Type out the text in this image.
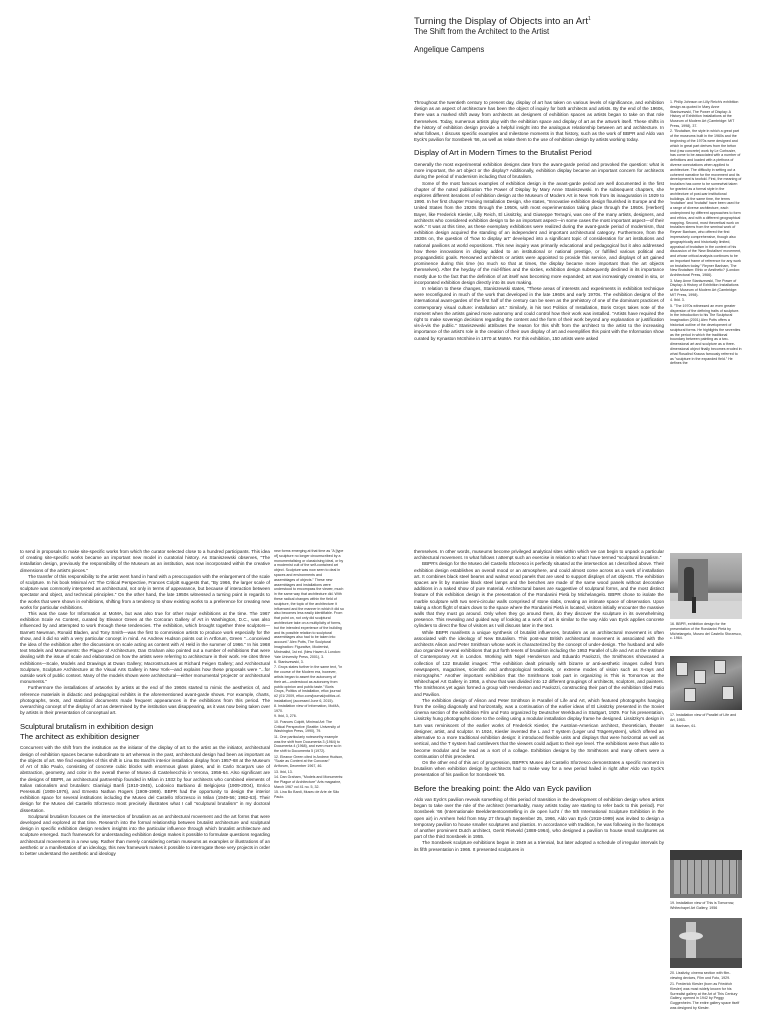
Turning the Display of Objects into an Art$^1$
The Shift from the Architect to the Artist
Angelique Campens

Throughout the twentieth century to present day, display of art has taken on various levels of significance, and exhibition design as an aspect of architecture has been the object of inquiry for both architects and artists. By the end of the 1960s, there was a marked shift away from architects as designers of exhibition spaces as artists began to take on that role themselves. Today, numerous artists play with the exhibition space and display of art as the artwork itself. These shifts in the history of exhibition design provide a helpful insight into the analogous relationship between art and architecture. In what follows, I discuss specific examples and milestone moments in that history, such as the work of BBPR and Aldo van Eyck's pavilion for Sonsbeek '66, as well as relate them to the use of exhibition design by artists working today.

Display of Art in Modern Times to the Brutalist Period

Generally the most experimental exhibition designs date from the avant-garde period and provoked the question: what is more important, the art object or the display? Additionally, exhibition display became an important concern for architects during the period of modernism including that of brutalism.

Some of the most famous examples of exhibition design in the avant-garde period are well documented in the first chapter of the noted publication The Power of Display by Mary Anne Staniszewski. In the subsequent chapters, she explores different iterations of exhibition design at the Museum of Modern Art in New York from its inauguration in 1929 to 1990. In her first chapter Framing Installation Design, she states, "Innovative exhibition design flourished in Europe and the United States from the 1920s through the 1950s, with most experimentation taking place through the 1950s. [Herbert] Bayer, like Frederick Kiesler, Lilly Reich, El Lissitzky, and Giuseppe Terragni, was one of the many artists, designers, and architects who considered exhibition design to be an important aspect—in some cases the most important aspect—of their work." It was at this time, as these exemplary exhibitions were realized during the avant-garde period of modernism, that exhibition design acquired the standing of an independent and important architectural category. Furthermore, from the 1930s on, the question of "how to display art" developed into a significant topic of consideration for art institutions and national pavilions at world expositions. This new inquiry was primarily educational and pedagogical but it also addressed how these innovations in display added to an institutional or national prestige, or fulfilled various political and propagandistic goals. Renowned architects or artists were appointed to provide this service, and displays of art gained prominence during this time (so much so that at times, the display became more important than the art objects themselves). After the heyday of the mid-fifties and the sixties, exhibition design subsequently declined in its importance mostly due to the fact that the definition of art itself was becoming more expanded; art was increasingly created in situ, or incorporated exhibition design directly into its own making.

In relation to these changes, Staniszewski states, "These areas of interests and experiments in exhibition technique were reconfigured in much of the work that developed in the late 1960s and early 1970s. The exhibition designs of the international avant-gardes of the first half of the century can be seen as the prehistory of one of the dominant practices of contemporary visual culture: installation art." Similarly, in his text Politics of Installation, Boris Groys takes note of the moment when the artists gained more autonomy and could control how their work was installed. "Artists have required the right to make sovereign decisions regarding the content and the form of their work beyond any explanation or justification vis-à-vis the public." Staniszewski attributes the reason for this shift from the architect to the artist to the increasing importance of the artist's role in the creation of their own display of art and exemplifies this point with the Information show curated by Kynaston McShine in 1970 at MoMA. For this exhibition, 150 artists were asked

1. Philip Johnson on Lilly Reich's exhibition design as quoted in Mary Anne Staniszewski, The Power of Display: A History of Exhibition Installations at the Museum of Modern Art (Cambridge: MIT Press, 1998), 37.

2. "Brutalism, the style in which a great part of the museums built in the 1960s and the beginning of the 1970s were designed and which in great part derives from the béton brut (raw concrete) work by Le Corbusier, has come to be associated with a number of definitions and loaded with a plethora of diverse connotations when applied to architecture. The difficulty in setting out a coherent narrative for the movement and its development is twofold. First, the meaning of brutalism has come to be somewhat taken for granted as a formal style in the architecture of post-war institutional buildings. At the same time, the terms 'brutalism' and 'brutalist' have been used for a range of diverse architecture, each underpinned by different approaches to form and ethics, and with a different geographical mapping. Second, most theoretical work on brutalism stems from the seminal work of Reyner Banham, who offered the first impressively comprehensive, though also geographically and historically limited, appraisal of brutalism in the context of his discussion of the 'New Brutalism' movement, and whose critical analysis continues to be an important frame of reference for any work on brutalism today." Reyner Banham, The New Brutalism: Ethic or Aesthetic? (London: Architectural Press, 1966).

3. Mary Anne Staniszewski, The Power of Display: A History of Exhibition Installations at the Museum of Modern Art (Cambridge: MIT Press, 1998).

4. Ibid. 3.

5. "The 1970s witnessed an even greater dispersion of the defining traits of sculpture. In the introduction to his The Sculptural Imagination (2001) Alex Potts offers a historical outline of the development of sculptural forms. He highlights the seventies as the period in which the traditional boundary between painting as a two-dimensional art and sculpture as a three-dimensional object finally becomes eroded in what Rosalind Krauss famously referred to as "sculpture in the expanded field." He defines the

to send in proposals to make site-specific works from which the curator selected close to a hundred participants. This idea of creating site-specific works became an important new model in curatorial history. As Staniszewski observes, "The installation design, previously the responsibility of the Museum as an institution, was now incorporated within the creative dimensions of the artist's pieces."

The transfer of this responsibility to the artist went hand in hand with a preoccupation with the enlargement of the scale of sculpture. In his book Minimal Art: The Critical Perspective, Frances Colpitt suggests that, "By 1966, the larger scale of sculpture was commonly interpreted as architectural, not only in terms of appearance, but because of interaction between spectator and object, and technical principles." On the other hand, the late 1950s witnessed a turning point in regards to the works that were shown in exhibitions, shifting from a tendency to show existing works to a preference for creating new works for particular exhibitions.

This was the case for Information at MoMA, but was also true for other major exhibitions at the time. The 1967 exhibition Scale As Content, curated by Eleanor Green at the Corcoran Gallery of Art in Washington, D.C., was also influenced by and attempted to work through these tendencies. The exhibition, which brought together three sculptors—Barnett Newman, Ronald Bladen, and Tony Smith—was the first to commission artists to produce work especially for the show, and it did so with a very particular concept in mind. As Andrew Hudson points out in Artforum, Green "...conceived the idea of the exhibition after the discussions on scale acting as content with Al Held in the summer of 1966." In his 1968 text Models and Monuments: the Plague of Architecture, Dan Graham also pointed out a number of exhibitions that were dealing with the issue of scale and elaborated on how the artists were referring to architecture in their work. He cites three exhibitions—Scale, Models and Drawings at Dwan Gallery; Macrostructures at Richard Feigen Gallery; and Architectural Sculpture, Sculpture Architecture at the Visual Arts Gallery in New York—and explains how these proposals were "...for outside work of public context. Many of the models shown were architectural—either monumental 'projects' or architectural monuments."

Furthermore the installations of artworks by artists at the end of the 1960s started to mimic the aesthetics of, and reference materials in didactic and pedagogical exhibits in the aforementioned avant-garde shows. For example, charts, photographs, texts, and statistical documents made frequent appearances in the exhibitions from this period. The overarching concept of the display of art as determined by the institution was disappearing, as it was now being taken over by artists in their presentation of conceptual art.

Sculptural brutalism in exhibition design
The architect as exhibition designer

Concurrent with the shift from the institution as the initiator of the display of art to the artist as the initiator, architectural design of exhibition spaces became subordinate to art whereas in the past, architectural design had been as important as the objects of art. We find examples of this shift in Lina Bo Bardi's interior installation display from 1957-68 at the Museum of Art of São Paulo, consisting of concrete cubic blocks with enormous glass plates, and in Carlo Scarpa's use of abstraction, geometry, and color in the overall theme of Museo di Castelvecchio in Verona, 1956-64. Also significant are the designs of BBPR, an architectural partnership founded in Milan in 1932 by four architects who combined elements of Italian rationalism and brutalism: Gianluigi Banfi (1910-1945), Lodovico Barbiano di Belgiojoso (1909-2004), Enrico Peressutti (1908-1976), and Ernesto Nathan Rogers (1909-1969). BBPR had the opportunity to design the interior exhibition space for several institutions including the Museo del Castello Sforzesco in Milan (1949-56; 1962-63). Their design for the Museo del Castello Sforzesco most precisely illustrates what I call "sculptural brutalism" in my doctoral dissertation.

Sculptural brutalism focuses on the intersection of brutalism as an architectural movement and the art forms that were developed and explored at that time. Research into the formal relationship between brutalist architecture and sculptural design in specific exhibition design renders insights into the particular influence through which brutalist architecture and sculpture emerged. Such framework for understanding exhibition design makes it possible to formulate questions regarding architectural movements in a new way. Rather than merely considering certain museums as examples or illustrations of an aesthetic or a manifestation of an ideology, this new framework makes it possible to interrogate these very projects in order to better understand the aesthetic and ideology

new forms emerging at that time as "A [type of] sculpture no longer circumscribed by a monumentalising or classicising ideal, or by a modernist cult of the self-contained art object. Sculpture was now seen to deal in spaces and environments and assemblages of objects." These new assemblages and installations were understood to encompass the viewer, much in the same way that architecture did. With these radical changes within the field of sculpture, the topic of the architecture it influenced and the manner in which it did so also becomes less easily identifiable. From that point on, not only did sculptural architecture take on a multiplicity of forms, but the intended experience of the building and its possible relation to sculptural assemblages also had to be taken into account." Alex Potts, The Sculptural Imagination: Figurative, Modernist, Minimalist, 1st ed. (New Haven & London: Yale University Press, 2001), 3.

6. Staniszewski, 3.

7. Groys states further in the same text, "In the course of the Modern era, however, artists began to assert the autonomy of their art—understood as autonomy from public opinion and public taste." Boris Groys, Politics of Installation, eflux journal #2 (01/ 2009, eflux.com/journal/politics-of-installation) (accessed June 6, 2015).

8. Installation view of Information, MoMA, 1970.

9. Ibid, 3, 276.

10. Frances Colpitt, Minimal Art: The Critical Perspective (Seattle: University of Washington Press, 1990), 79.

11. One particularly noteworthy example was the shift from Documenta 3 (1964) to Documenta 4 (1968), and even more so in the shift to Documenta 5 (1972).

12. Eleanor Green cited in Andrew Hudson, "Scale as Content at the Corcoran" Artforum, December 1967, 46.

13. Ibid, 13.

14. Dan Graham, "Models and Monuments: the Plague of Architecture" Arts magazine, March 1967 vol 41 no. 5, 32.

15. Lina Bo Bardi, Museu de Arte de São Paulo.

themselves. In other words, museums become privileged analytical sites within which we can begin to unpack a particular architectural movement. In what follows I attempt such an exercise in relation to what I have termed "sculptural brutalism."

BBPR's design for the Museo del Castello Sforzesco is perfectly situated at the intersection as I described above. Their exhibition design establishes an overall mood or an atmosphere, and could almost come across as a work of installation art. It combines black steel beams and walnut wood panels that are used to support displays of art objects. The exhibition spaces are lit by massive black steel lamps and the benches are made of the same wood panels without decorative additions in a naked show of pure material. Architectural bases are suggestive of sculptural forms, and the most distinct feature of this exhibition design is the presentation of the Rondanini Pietà by Michelangelo. BBPR chose to isolate the marble sculpture with two semi-circular walls comprised of stone slabs, creating an intimate space of observation. Upon taking a short flight of stairs down to the space where the Rondanini Pietà is located, visitors initially encounter the massive walls that they must go around. Only when they go around them, do they discover the sculpture in its overwhelming presence. This revealing and guided way of looking at a work of art is similar to the way Aldo van Eyck applies concrete cylinders to direct the flow of visitors as I will discuss later in the text.

While BBPR manifests a unique synthesis of brutalist influences, brutalism as an architectural movement is often associated with the ideology of New Brutalism. This post-war British architectural movement is associated with the architects Alison and Peter Smithson whose work is characterized by the concept of under-design. The husband and wife duo organized several exhibitions that put forth tenets of brutalism including the 1953 Parallel of Life and Art at the Institute of Contemporary Art in London. Working with Nigel Henderson and Eduardo Paolozzi, the Smithsons showcased a collection of 122 Brutalist images: "The exhibition dealt primarily with bizarre or anti-aesthetic images culled from newspapers, magazines, scientific and anthropological textbooks, or extreme modes of vision such as X-rays and micrographs." Another important exhibition that the Smithsons took part in organizing is This is Tomorrow at the Whitechapel Art Gallery in 1956, a show that was divided into 12 different groupings of architects, sculptors, and painters. The Smithsons yet again formed a group with Henderson and Paolozzi, constructing their part of the exhibition titled Patio and Pavilion.

The exhibition design of Alison and Peter Smithson in Parallel of Life and Art, which featured photographs hanging from the ceiling diagonally and horizontally, was a continuation of the earlier ideas of El Lissitzky presented in the Soviet cinema section of the exhibition Film und Foto organized by Deutscher Werkbund in Stuttgart, 1929. For his presentation, Lissitzky hung photographs close to the ceiling using a modular installation display frame he designed. Lissitzky's design in turn was reminiscent of the earlier works of Frederick Kiesler, the Austrian-American architect, theoretician, theater designer, artist, and sculptor. In 1924, Kiesler invented the L and T system (Leger und Trägersystem), which offered an alternative to a more traditional exhibition design: it introduced flexible units and displays that were horizontal as well as vertical, and the T system had cantilevers that the viewers could adjust to their eye level. The exhibitions were thus able to become modular and be read as a sort of a collage. Exhibition designs by the Smithsons and many others were a continuation of this precedent.

On the other end of this arc of progression, BBPR's Museo del Castello Sforzesco demonstrates a specific moment in brutalism when exhibition design by architects had to make way for a new period hailed in right after Aldo van Eyck's presentation of his pavilion for Sonsbeek '66.

Before the breaking point: the Aldo van Eyck pavilion

Aldo van Eyck's pavilion reveals something of this period of transition in the development of exhibition design when artists began to take over the role of the architect (remarkably, many artists today are starting to refer back to this period). For Sonsbeek '66 (Internationale Beeldententoonstelling in de open lucht / the 5th International Sculpture Exhibition in the open air) in Arnhem held from May 27 through September 25, 1966, Aldo van Eyck (1918-1999) was invited to design a temporary pavilion to house smaller sculptures and plastics. In accordance with tradition, he was following in the footsteps of another prominent Dutch architect, Gerrit Rietveld (1888-1964), who designed a pavilion to house small sculptures as part of the third Sonsbeek in 1955.

The Sonsbeek sculpture exhibitions began in 1949 as a triennial, but later adopted a schedule of irregular intervals by its fifth presentation in 1966. It presented sculptures in

16. BBPR, exhibition design for the presentation of the Rondanini Pietà by Michelangelo, Museo del Castello Sforzesco, c. 1964.
17. Installation view of Parallel of Life and Art, 1953.
18. Banham, 61.
19. Installation view of This is Tomorrow, Whitechapel Art Gallery, 1956
20. Lissitzky, cinema section with film-viewing devices, Film und Foto, 1929.
21. Frederick Kiesler (born as Friedrich Kiesler) was most widely known for his Surrealist gallery at the Art of This Century Gallery, opened in 1942 by Peggy Guggenheim. The entire gallery space itself was designed by Kiesler.
